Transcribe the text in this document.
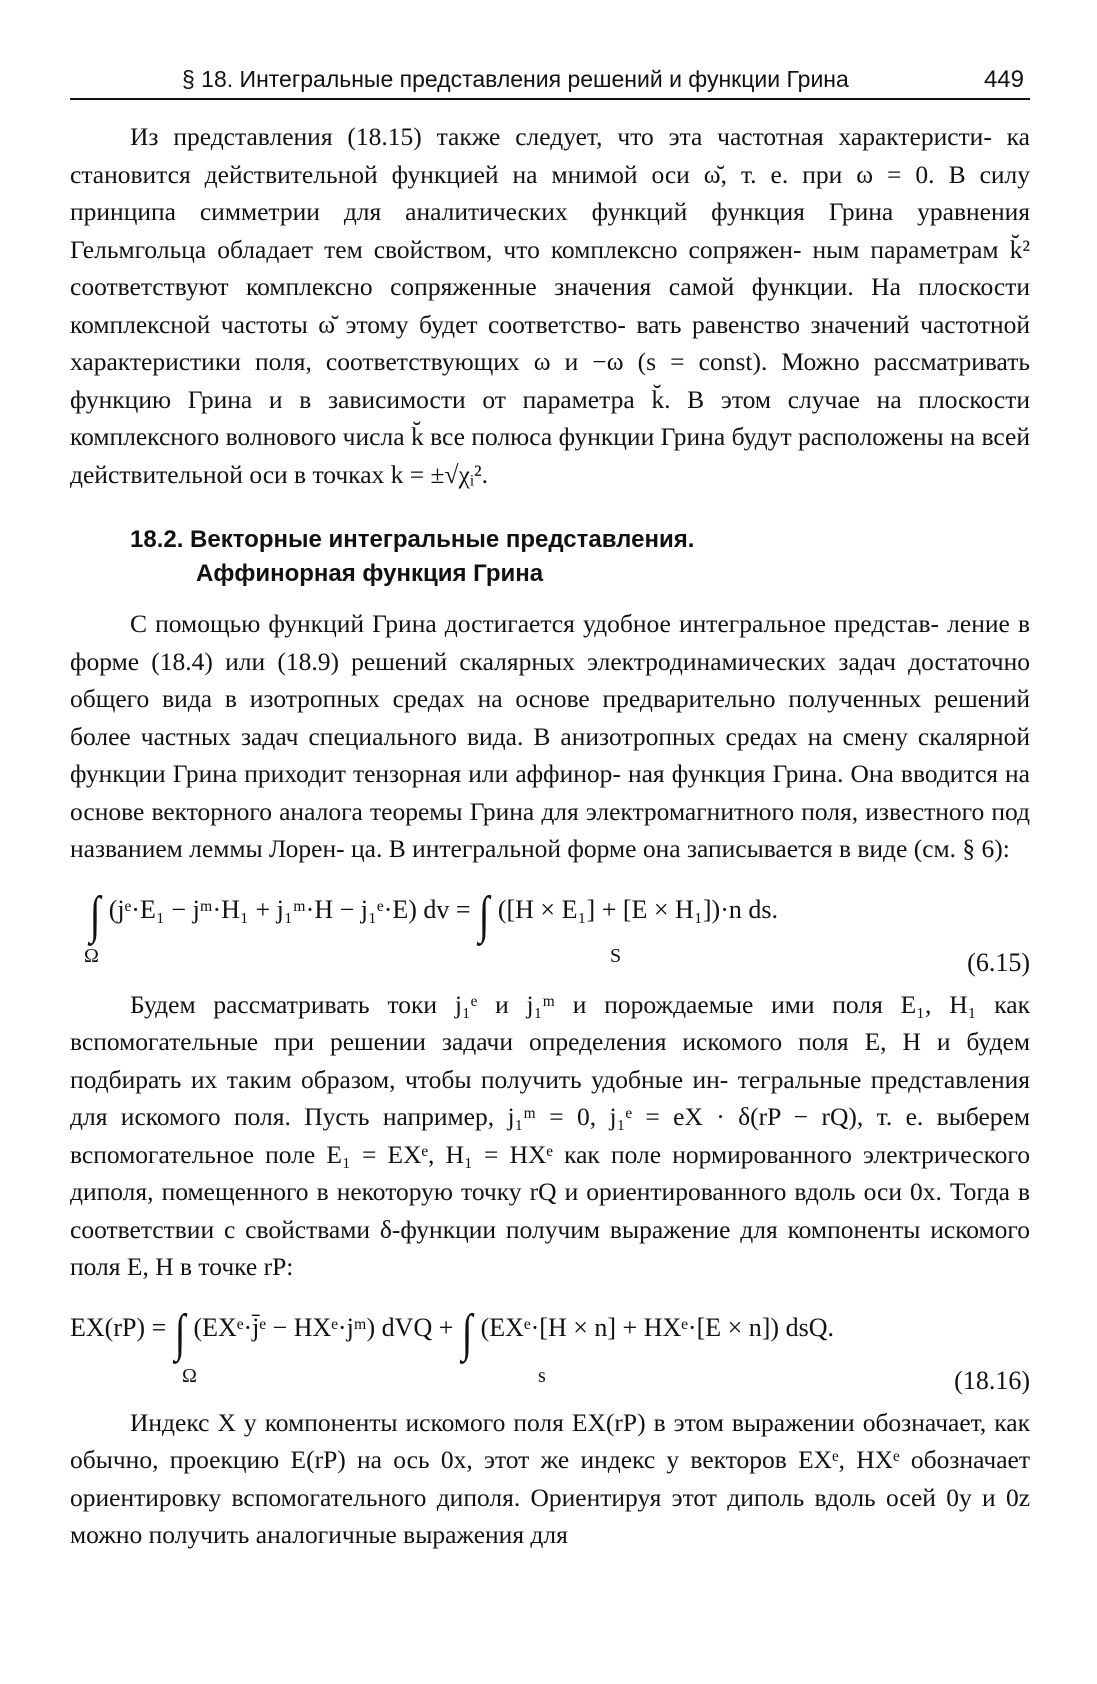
§ 18. Интегральные представления решений и функции Грина	449

Из представления (18.15) также следует, что эта частотная характеристи- ка становится действительной функцией на мнимой оси ω̆, т. е. при ω = 0. В силу принципа симметрии для аналитических функций функция Грина уравнения Гельмгольца обладает тем свойством, что комплексно сопряжен- ным параметрам k̆² соответствуют комплексно сопряженные значения самой функции. На плоскости комплексной частоты ω̆ этому будет соответство- вать равенство значений частотной характеристики поля, соответствующих ω и −ω (s = const). Можно рассматривать функцию Грина и в зависимости от параметра k̆. В этом случае на плоскости комплексного волнового числа k̆ все полюса функции Грина будут расположены на всей действительной оси в точках k = ±√χᵢ².

18.2. Векторные интегральные представления.
Аффинорная функция Грина

С помощью функций Грина достигается удобное интегральное представ- ление в форме (18.4) или (18.9) решений скалярных электродинамических задач достаточно общего вида в изотропных средах на основе предварительно полученных решений более частных задач специального вида. В анизотропных средах на смену скалярной функции Грина приходит тензорная или аффинор- ная функция Грина. Она вводится на основе векторного аналога теоремы Грина для электромагнитного поля, известного под названием леммы Лорен- ца. В интегральной форме она записывается в виде (см. § 6):

∫ (jᵉ·E₁ − jᵐ·H₁ + j₁ᵐ·H − j₁ᵉ·E) dv = ∫ ([H × E₁] + [E × H₁])·n ds.
Ω	S	(6.15)

Будем рассматривать токи j₁ᵉ и j₁ᵐ и порождаемые ими поля E₁, H₁ как вспомогательные при решении задачи определения искомого поля E, H и будем подбирать их таким образом, чтобы получить удобные ин- тегральные представления для искомого поля. Пусть например, j₁ᵐ = 0, j₁ᵉ = eX · δ(rP − rQ), т. е. выберем вспомогательное поле E₁ = EXᵉ, H₁ = HXᵉ как поле нормированного электрического диполя, помещенного в некоторую точку rQ и ориентированного вдоль оси 0x. Тогда в соответствии с свойствами δ-функции получим выражение для компоненты искомого поля E, H в точке rP:

EX(rP) = ∫ (EXᵉ·j̄ᵉ − HXᵉ·jᵐ) dVQ + ∫ (EXᵉ·[H × n] + HXᵉ·[E × n]) dsQ.
Ω	s	(18.16)

Индекс X у компоненты искомого поля EX(rP) в этом выражении обозначает, как обычно, проекцию E(rP) на ось 0x, этот же индекс у векторов EXᵉ, HXᵉ обозначает ориентировку вспомогательного диполя. Ориентируя этот диполь вдоль осей 0y и 0z можно получить аналогичные выражения для
